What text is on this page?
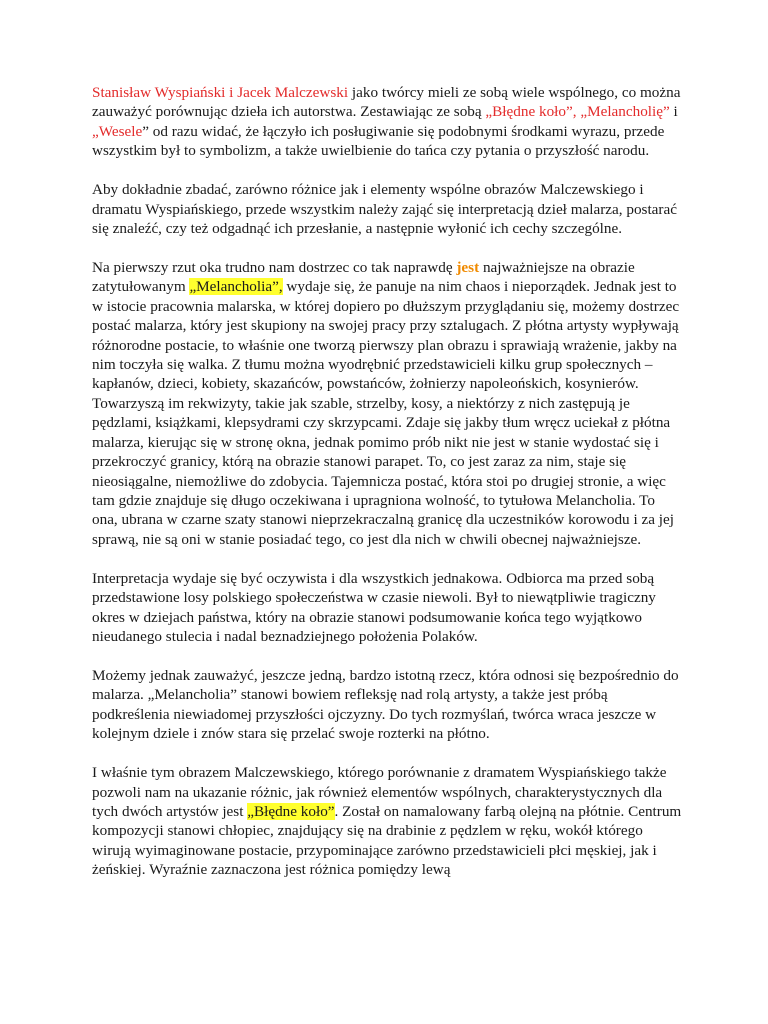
Stanisław Wyspiański i Jacek Malczewski jako twórcy mieli ze sobą wiele wspólnego, co można zauważyć porównując dzieła ich autorstwa. Zestawiając ze sobą „Błędne koło”, „Melancholię” i „Wesele” od razu widać, że łączyło ich posługiwanie się podobnymi środkami wyrazu, przede wszystkim był to symbolizm, a także uwielbienie do tańca czy pytania o przyszłość narodu.

Aby dokładnie zbadać, zarówno różnice jak i elementy wspólne obrazów Malczewskiego i dramatu Wyspiańskiego, przede wszystkim należy zająć się interpretacją dzieł malarza, postarać się znaleźć, czy też odgadnąć ich przesłanie, a następnie wyłonić ich cechy szczególne.

Na pierwszy rzut oka trudno nam dostrzec co tak naprawdę jest najważniejsze na obrazie zatytułowanym „Melancholia”, wydaje się, że panuje na nim chaos i nieporządek. Jednak jest to w istocie pracownia malarska, w której dopiero po dłuższym przyglądaniu się, możemy dostrzec postać malarza, który jest skupiony na swojej pracy przy sztalugach. Z płótna artysty wypływają różnorodne postacie, to właśnie one tworzą pierwszy plan obrazu i sprawiają wrażenie, jakby na nim toczyła się walka. Z tłumu można wyodrębnić przedstawicieli kilku grup społecznych – kapłanów, dzieci, kobiety, skazańców, powstańców, żołnierzy napoleońskich, kosynierów. Towarzyszą im rekwizyty, takie jak szable, strzelby, kosy, a niektórzy z nich zastępują je pędzlami, książkami, klepsydrami czy skrzypcami. Zdaje się jakby tłum wręcz uciekał z płótna malarza, kierując się w stronę okna, jednak pomimo prób nikt nie jest w stanie wydostać się i przekroczyć granicy, którą na obrazie stanowi parapet. To, co jest zaraz za nim, staje się nieosiągalne, niemożliwe do zdobycia. Tajemnicza postać, która stoi po drugiej stronie, a więc tam gdzie znajduje się długo oczekiwana i upragniona wolność, to tytułowa Melancholia. To ona, ubrana w czarne szaty stanowi nieprzekraczalną granicę dla uczestników korowodu i za jej sprawą, nie są oni w stanie posiadać tego, co jest dla nich w chwili obecnej najważniejsze.

Interpretacja wydaje się być oczywista i dla wszystkich jednakowa. Odbiorca ma przed sobą przedstawione losy polskiego społeczeństwa w czasie niewoli. Był to niewątpliwie tragiczny okres w dziejach państwa, który na obrazie stanowi podsumowanie końca tego wyjątkowo nieudanego stulecia i nadal beznadziejnego położenia Polaków.

Możemy jednak zauważyć, jeszcze jedną, bardzo istotną rzecz, która odnosi się bezpośrednio do malarza. „Melancholia” stanowi bowiem refleksję nad rolą artysty, a także jest próbą podkreślenia niewiadomej przyszłości ojczyzny. Do tych rozmyślań, twórca wraca jeszcze w kolejnym dziele i znów stara się przelać swoje rozterki na płótno.

I właśnie tym obrazem Malczewskiego, którego porównanie z dramatem Wyspiańskiego także pozwoli nam na ukazanie różnic, jak również elementów wspólnych, charakterystycznych dla tych dwóch artystów jest „Błędne koło”. Został on namalowany farbą olejną na płótnie. Centrum kompozycji stanowi chłopiec, znajdujący się na drabinie z pędzlem w ręku, wokół którego wirują wyimaginowane postacie, przypominające zarówno przedstawicieli płci męskiej, jak i żeńskiej. Wyraźnie zaznaczona jest różnica pomiędzy lewą
